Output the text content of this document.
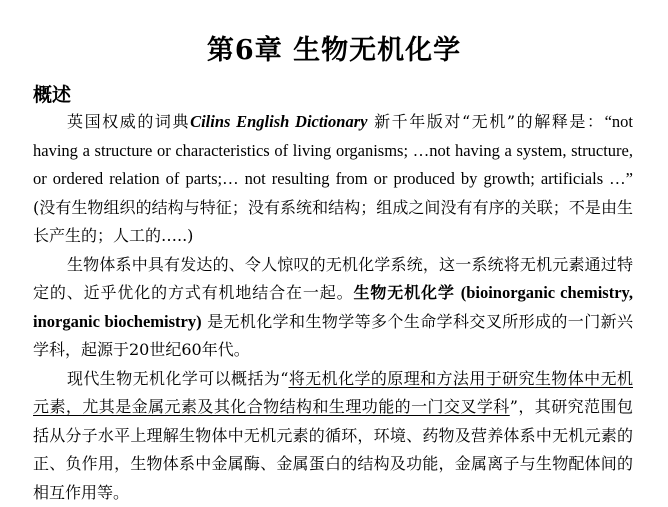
第6章 生物无机化学
概述

英国权威的词典Cilins English Dictionary 新千年版对“无机”的解释是：“not having a structure or characteristics of living organisms; …not having a system, structure, or ordered relation of parts;… not resulting from or produced by growth; artificials …” (没有生物组织的结构与特征；没有系统和结构；组成之间没有有序的关联；不是由生长产生的；人工的…..)

生物体系中具有发达的、令人惊叹的无机化学系统，这一系统将无机元素通过特定的、近乎优化的方式有机地结合在一起。生物无机化学 (bioinorganic chemistry, inorganic biochemistry) 是无机化学和生物学等多个生命学科交叉所形成的一门新兴学科，起源于20世纪60年代。

现代生物无机化学可以概括为“将无机化学的原理和方法用于研究生物体中无机元素，尤其是金属元素及其化合物结构和生理功能的一门交叉学科”，其研究范围包括从分子水平上理解生物体中无机元素的循环，环境、药物及营养体系中无机元素的正、负作用，生物体系中金属酶、金属蛋白的结构及功能，金属离子与生物配体间的相互作用等。
